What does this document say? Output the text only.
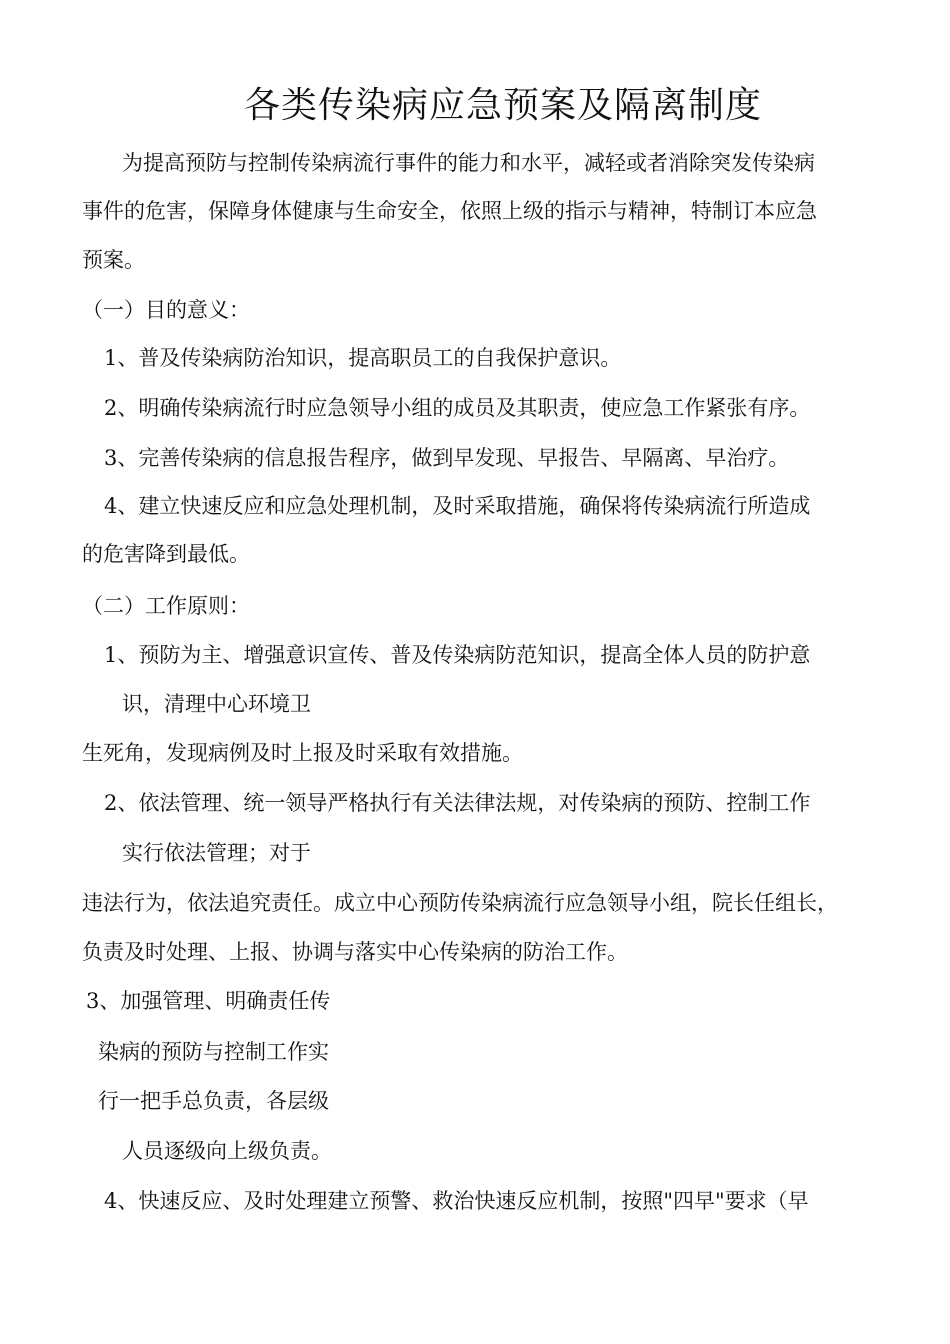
各类传染病应急预案及隔离制度
为提高预防与控制传染病流行事件的能力和水平，减轻或者消除突发传染病
事件的危害，保障身体健康与生命安全，依照上级的指示与精神，特制订本应急
预案。
（一）目的意义：
1、普及传染病防治知识，提高职员工的自我保护意识。
2、明确传染病流行时应急领导小组的成员及其职责，使应急工作紧张有序。
3、完善传染病的信息报告程序，做到早发现、早报告、早隔离、早治疗。
4、建立快速反应和应急处理机制，及时采取措施，确保将传染病流行所造成
的危害降到最低。
（二）工作原则：
1、预防为主、增强意识宣传、普及传染病防范知识，提高全体人员的防护意
识，清理中心环境卫
生死角，发现病例及时上报及时采取有效措施。
2、依法管理、统一领导严格执行有关法律法规，对传染病的预防、控制工作
实行依法管理；对于
违法行为，依法追究责任。成立中心预防传染病流行应急领导小组，院长任组长，
负责及时处理、上报、协调与落实中心传染病的防治工作。
3、加强管理、明确责任传
染病的预防与控制工作实
行一把手总负责，各层级
人员逐级向上级负责。
4、快速反应、及时处理建立预警、救治快速反应机制，按照"四早"要求（早
